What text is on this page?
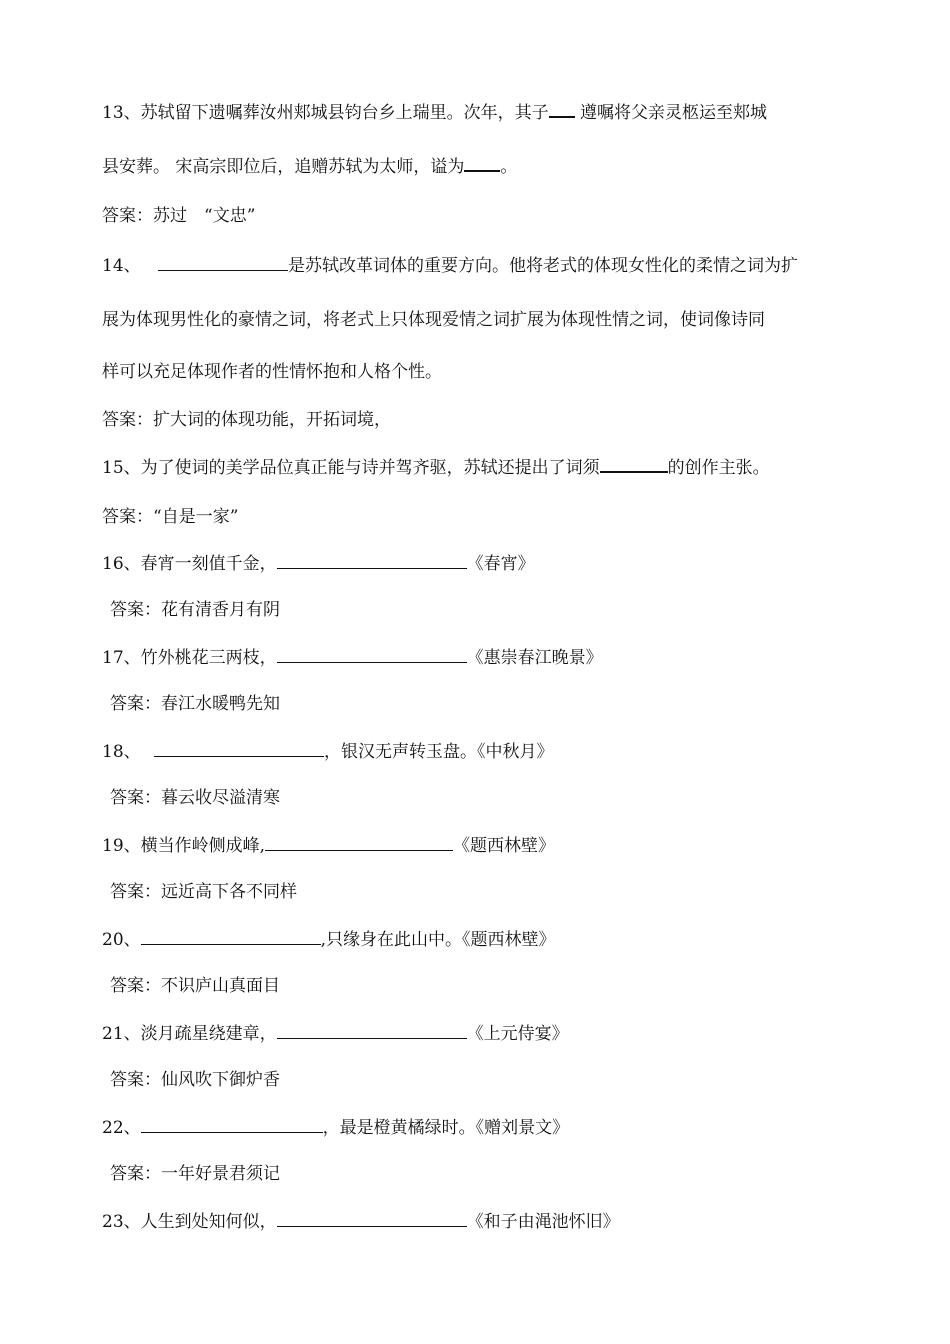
13、苏轼留下遗嘱葬汝州郏城县钧台乡上瑞里。次年，其子 遵嘱将父亲灵柩运至郏城
县安葬。 宋高宗即位后，追赠苏轼为太师，谥为 。
答案：苏过　“文忠”
14、	是苏轼改革词体的重要方向。他将老式的体现女性化的柔情之词为扩
展为体现男性化的豪情之词，将老式上只体现爱情之词扩展为体现性情之词，使词像诗同
样可以充足体现作者的性情怀抱和人格个性。
答案：扩大词的体现功能，开拓词境，
15、为了使词的美学品位真正能与诗并驾齐驱，苏轼还提出了词须	的创作主张。
答案：“自是一家”
16、春宵一刻值千金，	《春宵》
答案：花有清香月有阴
17、竹外桃花三两枝，	《惠崇春江晚景》
答案：春江水暖鸭先知
18、	，银汉无声转玉盘。《中秋月》
答案：暮云收尽溢清寒
19、横当作岭侧成峰,	《题西林壁》
答案：远近高下各不同样
20、	,只缘身在此山中。《题西林壁》
答案：不识庐山真面目
21、淡月疏星绕建章，	《上元侍宴》
答案：仙风吹下御炉香
22、	，最是橙黄橘绿时。《赠刘景文》
答案：一年好景君须记
23、人生到处知何似，	《和子由渑池怀旧》
